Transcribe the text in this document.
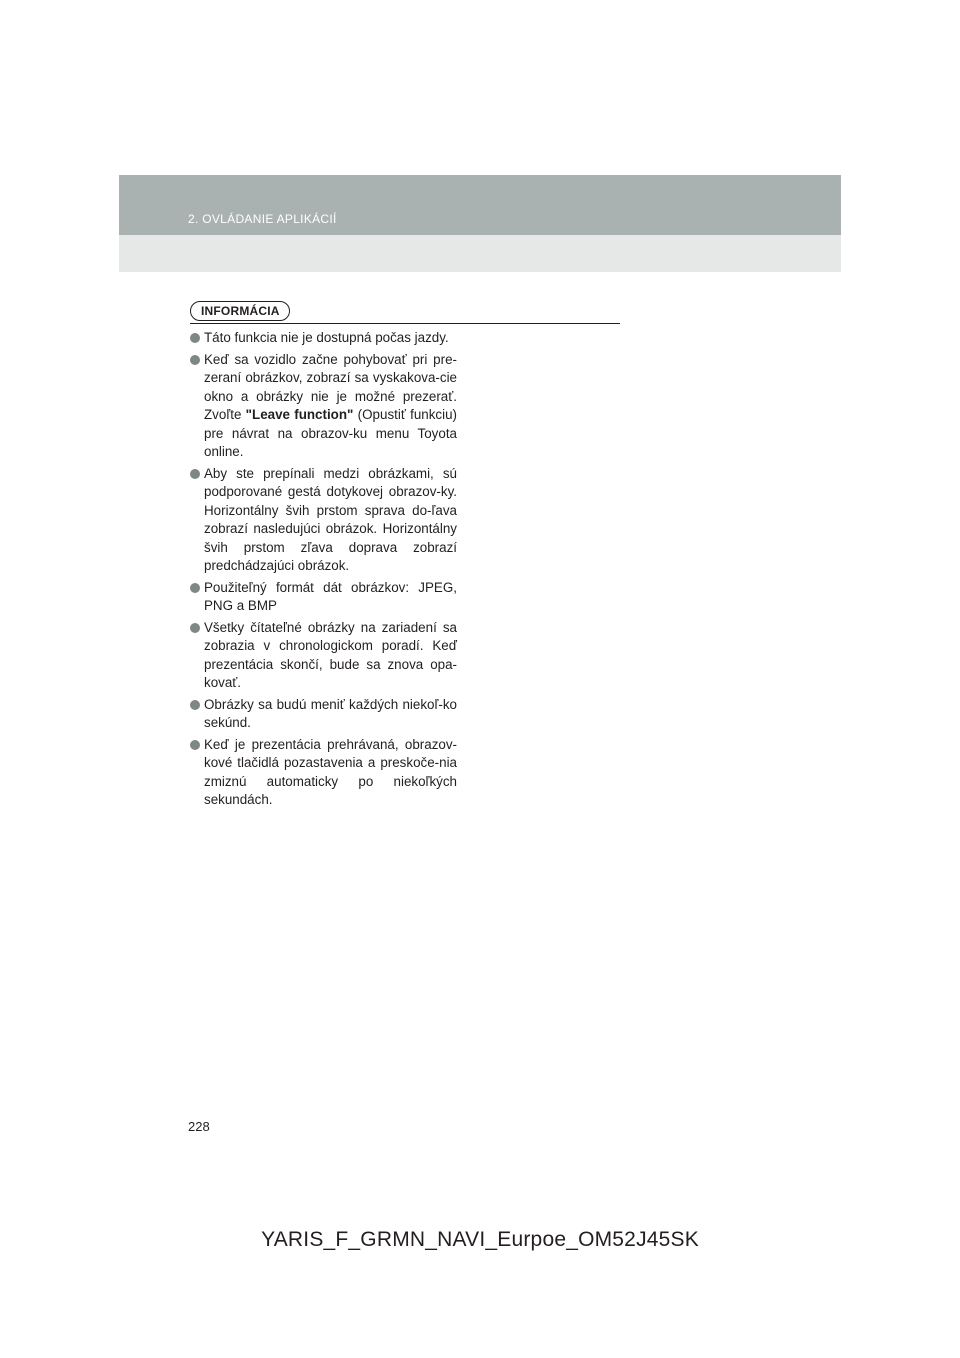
2. OVLÁDANIE APLIKÁCIÍ
INFORMÁCIA
Táto funkcia nie je dostupná počas jazdy.
Keď sa vozidlo začne pohybovať pri pre-zeraní obrázkov, zobrazí sa vyskakova-cie okno a obrázky nie je možné prezerať. Zvoľte "Leave function" (Opustiť funkciu) pre návrat na obrazov-ku menu Toyota online.
Aby ste prepínali medzi obrázkami, sú podporované gestá dotykovej obrazov-ky. Horizontálny švih prstom sprava do-ľava zobrazí nasledujúci obrázok. Horizontálny švih prstom zľava doprava zobrazí predchádzajúci obrázok.
Použiteľný formát dát obrázkov: JPEG, PNG a BMP
Všetky čítateľné obrázky na zariadení sa zobrazia v chronologickom poradí. Keď prezentácia skončí, bude sa znova opa-kovať.
Obrázky sa budú meniť každých niekoľ-ko sekúnd.
Keď je prezentácia prehrávaná, obrazov-kové tlačidlá pozastavenia a preskoče-nia zmiznú automaticky po niekoľkých sekundách.
228
YARIS_F_GRMN_NAVI_Eurpoe_OM52J45SK
